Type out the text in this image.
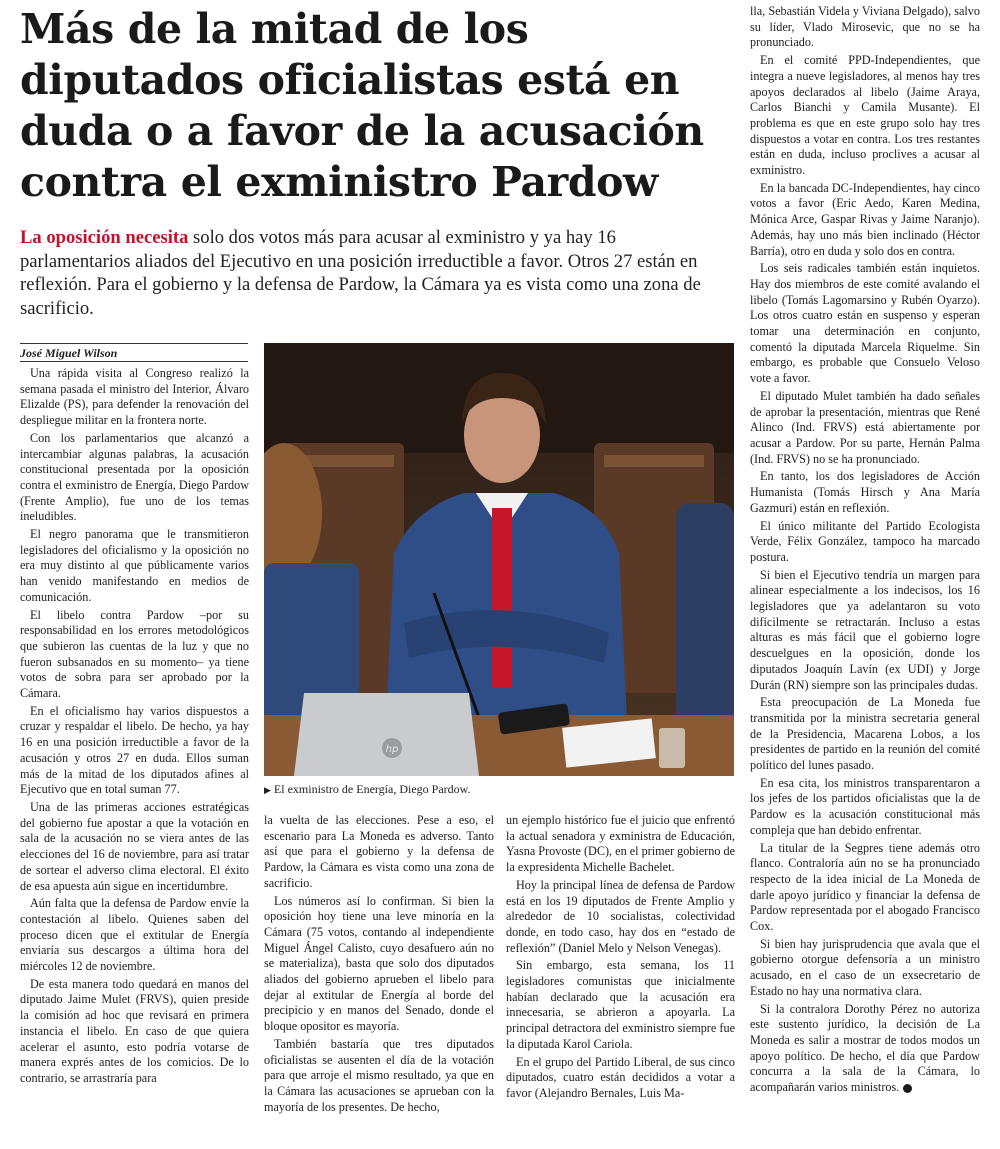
Más de la mitad de los diputados oficialistas está en duda o a favor de la acusación contra el exministro Pardow

La oposición necesita solo dos votos más para acusar al exministro y ya hay 16 parlamentarios aliados del Ejecutivo en una posición irreductible a favor. Otros 27 están en reflexión. Para el gobierno y la defensa de Pardow, la Cámara ya es vista como una zona de sacrificio.

José Miguel Wilson
hp
▶ El exministro de Energía, Diego Pardow.

Una rápida visita al Congreso realizó la semana pasada el ministro del Interior, Álvaro Elizalde (PS), para defender la renovación del despliegue militar en la frontera norte.

Con los parlamentarios que alcanzó a intercambiar algunas palabras, la acusación constitucional presentada por la oposición contra el exministro de Energía, Diego Pardow (Frente Amplio), fue uno de los temas ineludibles.

El negro panorama que le transmitieron legisladores del oficialismo y la oposición no era muy distinto al que públicamente varios han venido manifestando en medios de comunicación.

El libelo contra Pardow –por su responsabilidad en los errores metodológicos que subieron las cuentas de la luz y que no fueron subsanados en su momento– ya tiene votos de sobra para ser aprobado por la Cámara.

En el oficialismo hay varios dispuestos a cruzar y respaldar el libelo. De hecho, ya hay 16 en una posición irreductible a favor de la acusación y otros 27 en duda. Ellos suman más de la mitad de los diputados afines al Ejecutivo que en total suman 77.

Una de las primeras acciones estratégicas del gobierno fue apostar a que la votación en sala de la acusación no se viera antes de las elecciones del 16 de noviembre, para así tratar de sortear el adverso clima electoral. El éxito de esa apuesta aún sigue en incertidumbre.

Aún falta que la defensa de Pardow envíe la contestación al libelo. Quienes saben del proceso dicen que el extitular de Energía enviaría sus descargos a última hora del miércoles 12 de noviembre.

De esta manera todo quedará en manos del diputado Jaime Mulet (FRVS), quien preside la comisión ad hoc que revisará en primera instancia el libelo. En caso de que quiera acelerar el asunto, esto podría votarse de manera exprés antes de los comicios. De lo contrario, se arrastraría para

la vuelta de las elecciones. Pese a eso, el escenario para La Moneda es adverso. Tanto así que para el gobierno y la defensa de Pardow, la Cámara es vista como una zona de sacrificio.

Los números así lo confirman. Si bien la oposición hoy tiene una leve minoría en la Cámara (75 votos, contando al independiente Miguel Ángel Calisto, cuyo desafuero aún no se materializa), basta que solo dos diputados aliados del gobierno aprueben el libelo para dejar al extitular de Energía al borde del precipicio y en manos del Senado, donde el bloque opositor es mayoría.

También bastaría que tres diputados oficialistas se ausenten el día de la votación para que arroje el mismo resultado, ya que en la Cámara las acusaciones se aprueban con la mayoría de los presentes. De hecho,

un ejemplo histórico fue el juicio que enfrentó la actual senadora y exministra de Educación, Yasna Provoste (DC), en el primer gobierno de la expresidenta Michelle Bachelet.

Hoy la principal línea de defensa de Pardow está en los 19 diputados de Frente Amplio y alrededor de 10 socialistas, colectividad donde, en todo caso, hay dos en “estado de reflexión” (Daniel Melo y Nelson Venegas).

Sin embargo, esta semana, los 11 legisladores comunistas que inicialmente habían declarado que la acusación era innecesaria, se abrieron a apoyarla. La principal detractora del exministro siempre fue la diputada Karol Cariola.

En el grupo del Partido Liberal, de sus cinco diputados, cuatro están decididos a votar a favor (Alejandro Bernales, Luis Ma-

lla, Sebastián Videla y Viviana Delgado), salvo su líder, Vlado Mirosevic, que no se ha pronunciado.

En el comité PPD-Independientes, que integra a nueve legisladores, al menos hay tres apoyos declarados al libelo (Jaime Araya, Carlos Bianchi y Camila Musante). El problema es que en este grupo solo hay tres dispuestos a votar en contra. Los tres restantes están en duda, incluso proclives a acusar al exministro.

En la bancada DC-Independientes, hay cinco votos a favor (Eric Aedo, Karen Medina, Mónica Arce, Gaspar Rivas y Jaime Naranjo). Además, hay uno más bien inclinado (Héctor Barría), otro en duda y solo dos en contra.

Los seis radicales también están inquietos. Hay dos miembros de este comité avalando el libelo (Tomás Lagomarsino y Rubén Oyarzo). Los otros cuatro están en suspenso y esperan tomar una determinación en conjunto, comentó la diputada Marcela Riquelme. Sin embargo, es probable que Consuelo Veloso vote a favor.

El diputado Mulet también ha dado señales de aprobar la presentación, mientras que René Alinco (Ind. FRVS) está abiertamente por acusar a Pardow. Por su parte, Hernán Palma (Ind. FRVS) no se ha pronunciado.

En tanto, los dos legisladores de Acción Humanista (Tomás Hirsch y Ana María Gazmuri) están en reflexión.

El único militante del Partido Ecologista Verde, Félix González, tampoco ha marcado postura.

Si bien el Ejecutivo tendría un margen para alinear especialmente a los indecisos, los 16 legisladores que ya adelantaron su voto difícilmente se retractarán. Incluso a estas alturas es más fácil que el gobierno logre descuelgues en la oposición, donde los diputados Joaquín Lavín (ex UDI) y Jorge Durán (RN) siempre son las principales dudas.

Esta preocupación de La Moneda fue transmitida por la ministra secretaria general de la Presidencia, Macarena Lobos, a los presidentes de partido en la reunión del comité político del lunes pasado.

En esa cita, los ministros transparentaron a los jefes de los partidos oficialistas que la de Pardow es la acusación constitucional más compleja que han debido enfrentar.

La titular de la Segpres tiene además otro flanco. Contraloría aún no se ha pronunciado respecto de la idea inicial de La Moneda de darle apoyo jurídico y financiar la defensa de Pardow representada por el abogado Francisco Cox.

Si bien hay jurisprudencia que avala que el gobierno otorgue defensoría a un ministro acusado, en el caso de un exsecretario de Estado no hay una normativa clara.

Si la contralora Dorothy Pérez no autoriza este sustento jurídico, la decisión de La Moneda es salir a mostrar de todos modos un apoyo político. De hecho, el día que Pardow concurra a la sala de la Cámara, lo acompañarán varios ministros.
